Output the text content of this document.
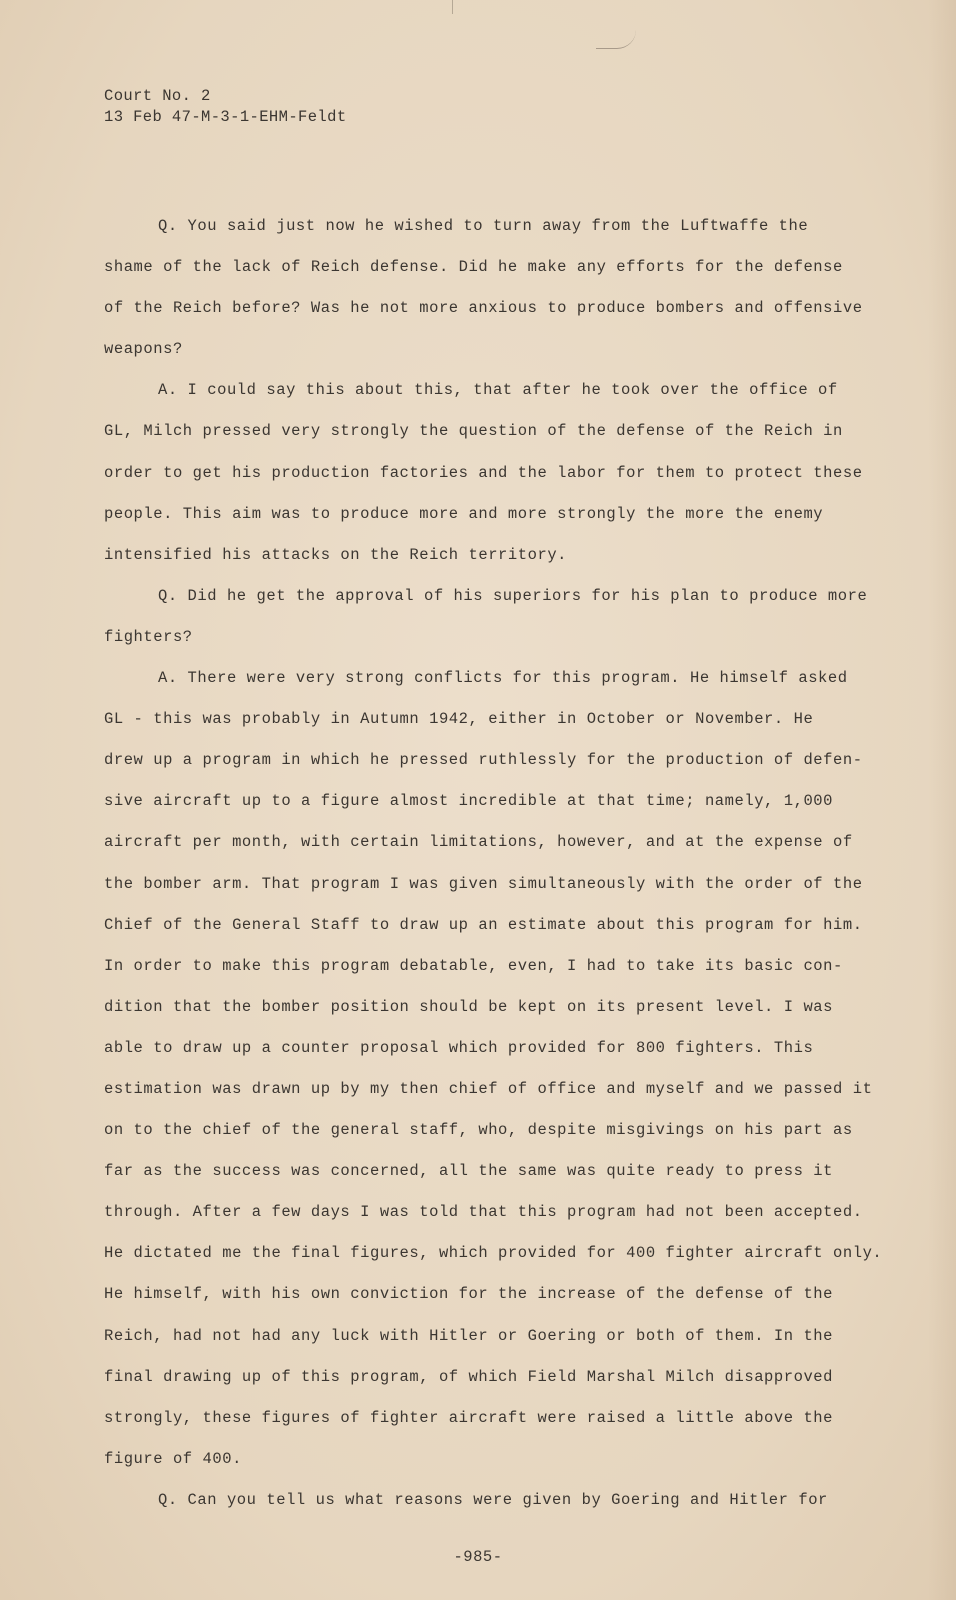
Court No. 2
13 Feb 47-M-3-1-EHM-Feldt
Q. You said just now he wished to turn away from the Luftwaffe the
shame of the lack of Reich defense. Did he make any efforts for the defense
of the Reich before? Was he not more anxious to produce bombers and offensive
weapons?
A. I could say this about this, that after he took over the office of
GL, Milch pressed very strongly the question of the defense of the Reich in
order to get his production factories and the labor for them to protect these
people. This aim was to produce more and more strongly the more the enemy
intensified his attacks on the Reich territory.
Q. Did he get the approval of his superiors for his plan to produce more
fighters?
A. There were very strong conflicts for this program. He himself asked
GL - this was probably in Autumn 1942, either in October or November. He
drew up a program in which he pressed ruthlessly for the production of defen-
sive aircraft up to a figure almost incredible at that time; namely, 1,000
aircraft per month, with certain limitations, however, and at the expense of
the bomber arm. That program I was given simultaneously with the order of the
Chief of the General Staff to draw up an estimate about this program for him.
In order to make this program debatable, even, I had to take its basic con-
dition that the bomber position should be kept on its present level. I was
able to draw up a counter proposal which provided for 800 fighters. This
estimation was drawn up by my then chief of office and myself and we passed it
on to the chief of the general staff, who, despite misgivings on his part as
far as the success was concerned, all the same was quite ready to press it
through. After a few days I was told that this program had not been accepted.
He dictated me the final figures, which provided for 400 fighter aircraft only.
He himself, with his own conviction for the increase of the defense of the
Reich, had not had any luck with Hitler or Goering or both of them. In the
final drawing up of this program, of which Field Marshal Milch disapproved
strongly, these figures of fighter aircraft were raised a little above the
figure of 400.
Q. Can you tell us what reasons were given by Goering and Hitler for
-985-
